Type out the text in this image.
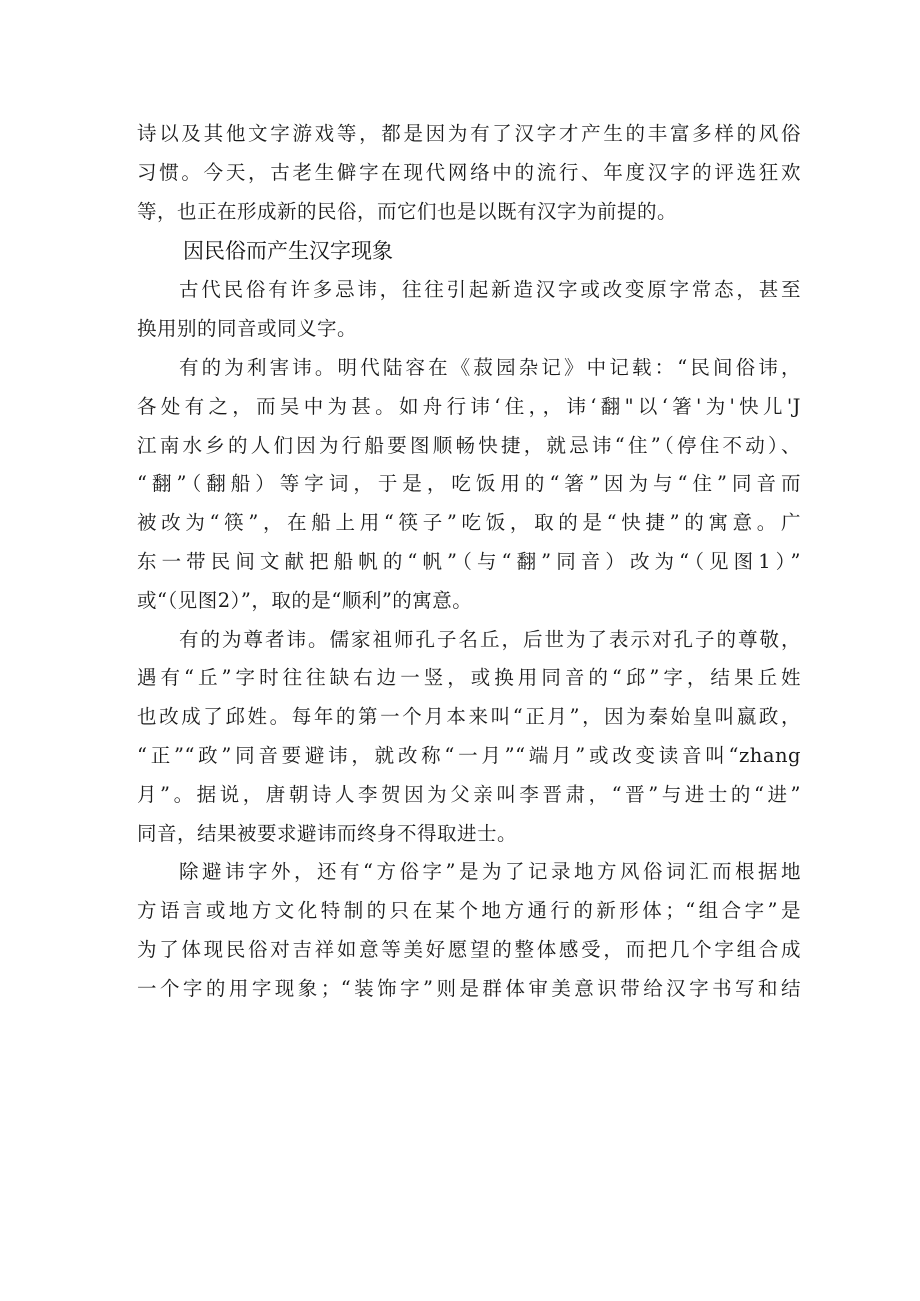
诗以及其他文字游戏等，都是因为有了汉字才产生的丰富多样的风俗
习惯。今天，古老生僻字在现代网络中的流行、年度汉字的评选狂欢
等，也正在形成新的民俗，而它们也是以既有汉字为前提的。
因民俗而产生汉字现象
古代民俗有许多忌讳，往往引起新造汉字或改变原字常态，甚至
换用别的同音或同义字。
有的为利害讳。明代陆容在《菽园杂记》中记载：“民间俗讳，
各处有之，而吴中为甚。如舟行讳‘住，，讳‘翻"以‘箸'为'快儿'J
江南水乡的人们因为行船要图顺畅快捷，就忌讳“住”（停住不动）、
“翻”（翻船）等字词，于是，吃饭用的“箸”因为与“住”同音而
被改为“筷”，在船上用“筷子”吃饭，取的是“快捷”的寓意。广
东一带民间文献把船帆的“帆”（与“翻”同音）改为“（见图1）”
或“（见图2）”，取的是“顺利”的寓意。
有的为尊者讳。儒家祖师孔子名丘，后世为了表示对孔子的尊敬，
遇有“丘”字时往往缺右边一竖，或换用同音的“邱”字，结果丘姓
也改成了邱姓。每年的第一个月本来叫“正月”，因为秦始皇叫嬴政，
“正”“政”同音要避讳，就改称“一月”“端月”或改变读音叫“zhang
月”。据说，唐朝诗人李贺因为父亲叫李晋肃，“晋”与进士的“进”
同音，结果被要求避讳而终身不得取进士。
除避讳字外，还有“方俗字”是为了记录地方风俗词汇而根据地
方语言或地方文化特制的只在某个地方通行的新形体；“组合字”是
为了体现民俗对吉祥如意等美好愿望的整体感受，而把几个字组合成
一个字的用字现象；“装饰字”则是群体审美意识带给汉字书写和结
